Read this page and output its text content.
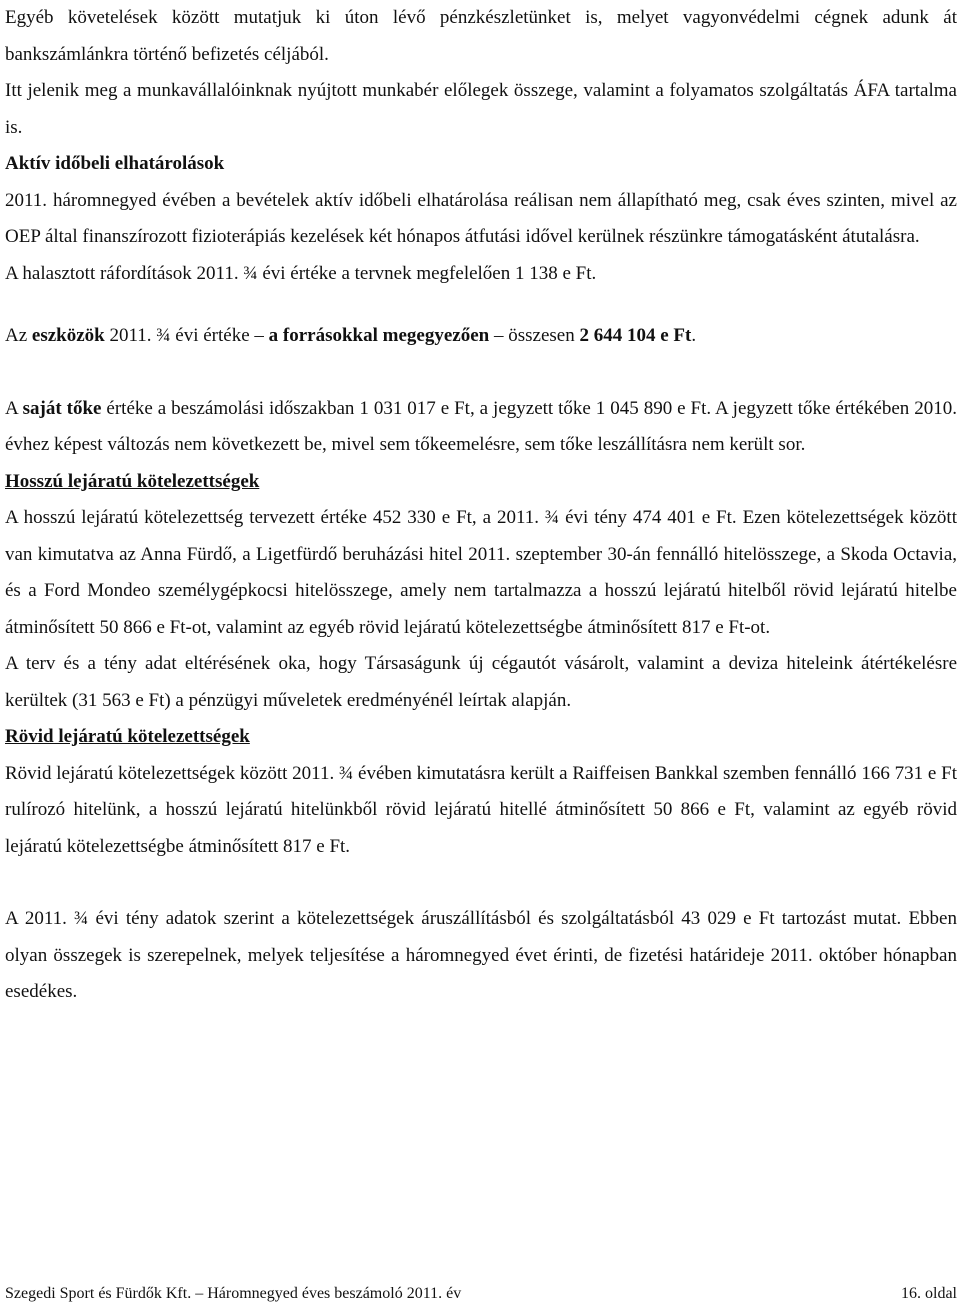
Egyéb követelések között mutatjuk ki úton lévő pénzkészletünket is, melyet vagyonvédelmi cégnek adunk át bankszámlánkra történő befizetés céljából.

Itt jelenik meg a munkavállalóinknak nyújtott munkabér előlegek összege, valamint a folyamatos szolgáltatás ÁFA tartalma is.

Aktív időbeli elhatárolások

2011. háromnegyed évében a bevételek aktív időbeli elhatárolása reálisan nem állapítható meg, csak éves szinten, mivel az OEP által finanszírozott fizioterápiás kezelések két hónapos átfutási idővel kerülnek részünkre támogatásként átutalásra.

A halasztott ráfordítások 2011. ¾ évi értéke a tervnek megfelelően 1 138 e Ft.

Az eszközök 2011. ¾ évi értéke – a forrásokkal megegyezően – összesen 2 644 104 e Ft.

A saját tőke értéke a beszámolási időszakban 1 031 017 e Ft, a jegyzett tőke 1 045 890 e Ft. A jegyzett tőke értékében 2010. évhez képest változás nem következett be, mivel sem tőkeemelésre, sem tőke leszállításra nem került sor.

Hosszú lejáratú kötelezettségek

A hosszú lejáratú kötelezettség tervezett értéke 452 330 e Ft, a 2011. ¾ évi tény 474 401 e Ft. Ezen kötelezettségek között van kimutatva az Anna Fürdő, a Ligetfürdő beruházási hitel 2011. szeptember 30-án fennálló hitelösszege, a Skoda Octavia, és a Ford Mondeo személygépkocsi hitelösszege, amely nem tartalmazza a hosszú lejáratú hitelből rövid lejáratú hitelbe átminősített 50 866 e Ft-ot, valamint az egyéb rövid lejáratú kötelezettségbe átminősített 817 e Ft-ot.

A terv és a tény adat eltérésének oka, hogy Társaságunk új cégautót vásárolt, valamint a deviza hiteleink átértékelésre kerültek (31 563 e Ft) a pénzügyi műveletek eredményénél leírtak alapján.

Rövid lejáratú kötelezettségek

Rövid lejáratú kötelezettségek között 2011. ¾ évében kimutatásra került a Raiffeisen Bankkal szemben fennálló 166 731 e Ft rulírozó hitelünk, a hosszú lejáratú hitelünkből rövid lejáratú hitellé átminősített 50 866 e Ft, valamint az egyéb rövid lejáratú kötelezettségbe átminősített 817 e Ft.

A 2011. ¾ évi tény adatok szerint a kötelezettségek áruszállításból és szolgáltatásból 43 029 e Ft tartozást mutat. Ebben olyan összegek is szerepelnek, melyek teljesítése a háromnegyed évet érinti, de fizetési határideje 2011. október hónapban esedékes.

Szegedi Sport és Fürdők Kft. – Háromnegyed éves beszámoló 2011. év	16. oldal
